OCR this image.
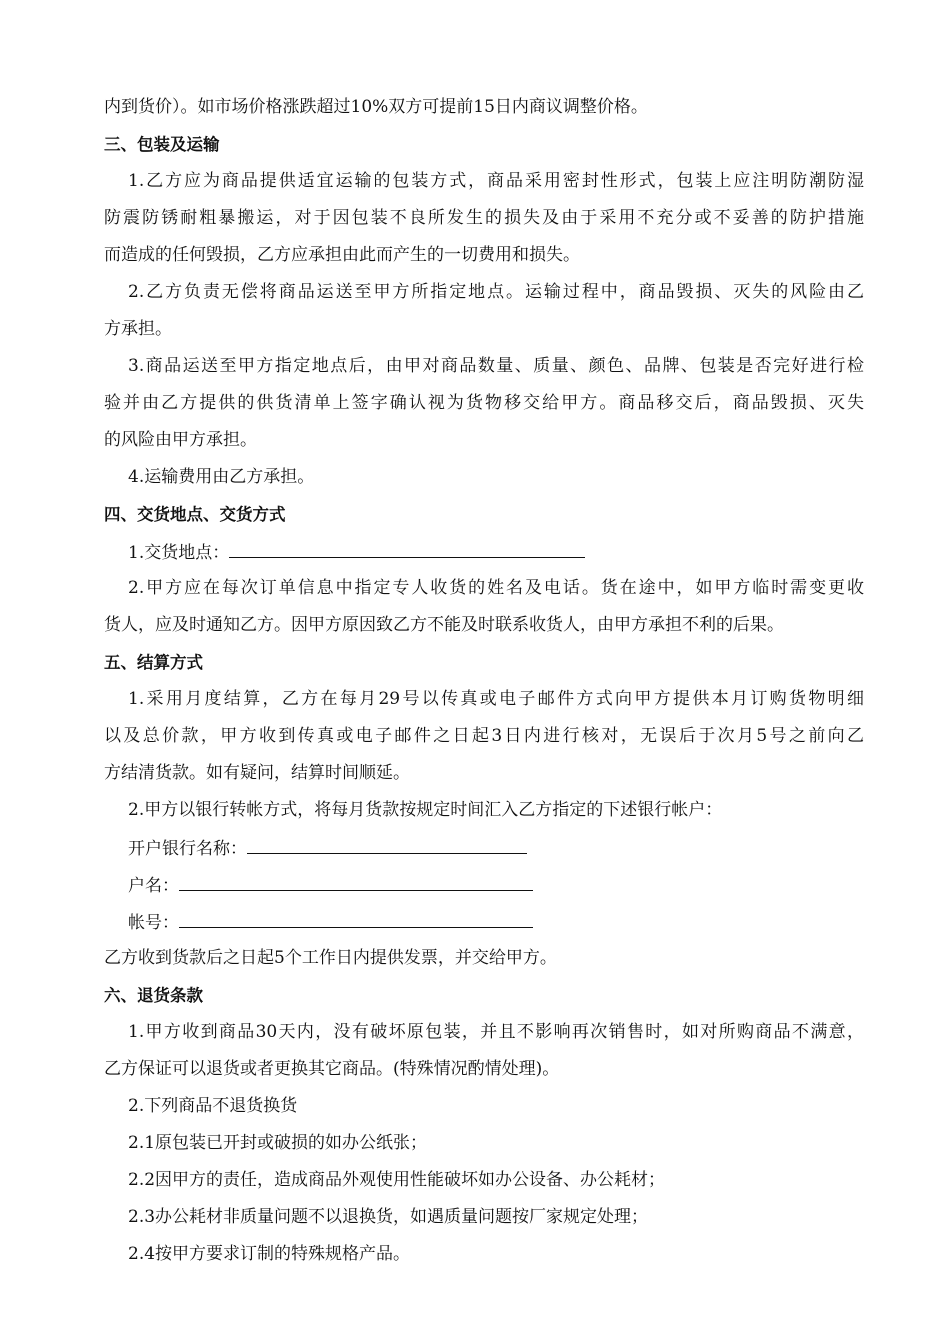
内到货价）。如市场价格涨跌超过10%双方可提前15日内商议调整价格。
三、包装及运输
1.乙方应为商品提供适宜运输的包装方式，商品采用密封性形式，包装上应注明防潮防湿
防震防锈耐粗暴搬运，对于因包装不良所发生的损失及由于采用不充分或不妥善的防护措施
而造成的任何毁损，乙方应承担由此而产生的一切费用和损失。
2.乙方负责无偿将商品运送至甲方所指定地点。运输过程中，商品毁损、灭失的风险由乙
方承担。
3.商品运送至甲方指定地点后，由甲对商品数量、质量、颜色、品牌、包装是否完好进行检
验并由乙方提供的供货清单上签字确认视为货物移交给甲方。商品移交后，商品毁损、灭失
的风险由甲方承担。
4.运输费用由乙方承担。
四、交货地点、交货方式
1.交货地点：
2.甲方应在每次订单信息中指定专人收货的姓名及电话。货在途中，如甲方临时需变更收
货人，应及时通知乙方。因甲方原因致乙方不能及时联系收货人，由甲方承担不利的后果。
五、结算方式
1.采用月度结算，乙方在每月29号以传真或电子邮件方式向甲方提供本月订购货物明细
以及总价款，甲方收到传真或电子邮件之日起3日内进行核对，无误后于次月5号之前向乙
方结清货款。如有疑问，结算时间顺延。
2.甲方以银行转帐方式，将每月货款按规定时间汇入乙方指定的下述银行帐户：
开户银行名称：
户名：
帐号：
乙方收到货款后之日起5个工作日内提供发票，并交给甲方。
六、退货条款
1.甲方收到商品30天内，没有破坏原包装，并且不影响再次销售时，如对所购商品不满意，
乙方保证可以退货或者更换其它商品。(特殊情况酌情处理)。
2.下列商品不退货换货
2.1原包装已开封或破损的如办公纸张；
2.2因甲方的责任，造成商品外观使用性能破坏如办公设备、办公耗材；
2.3办公耗材非质量问题不以退换货，如遇质量问题按厂家规定处理；
2.4按甲方要求订制的特殊规格产品。
